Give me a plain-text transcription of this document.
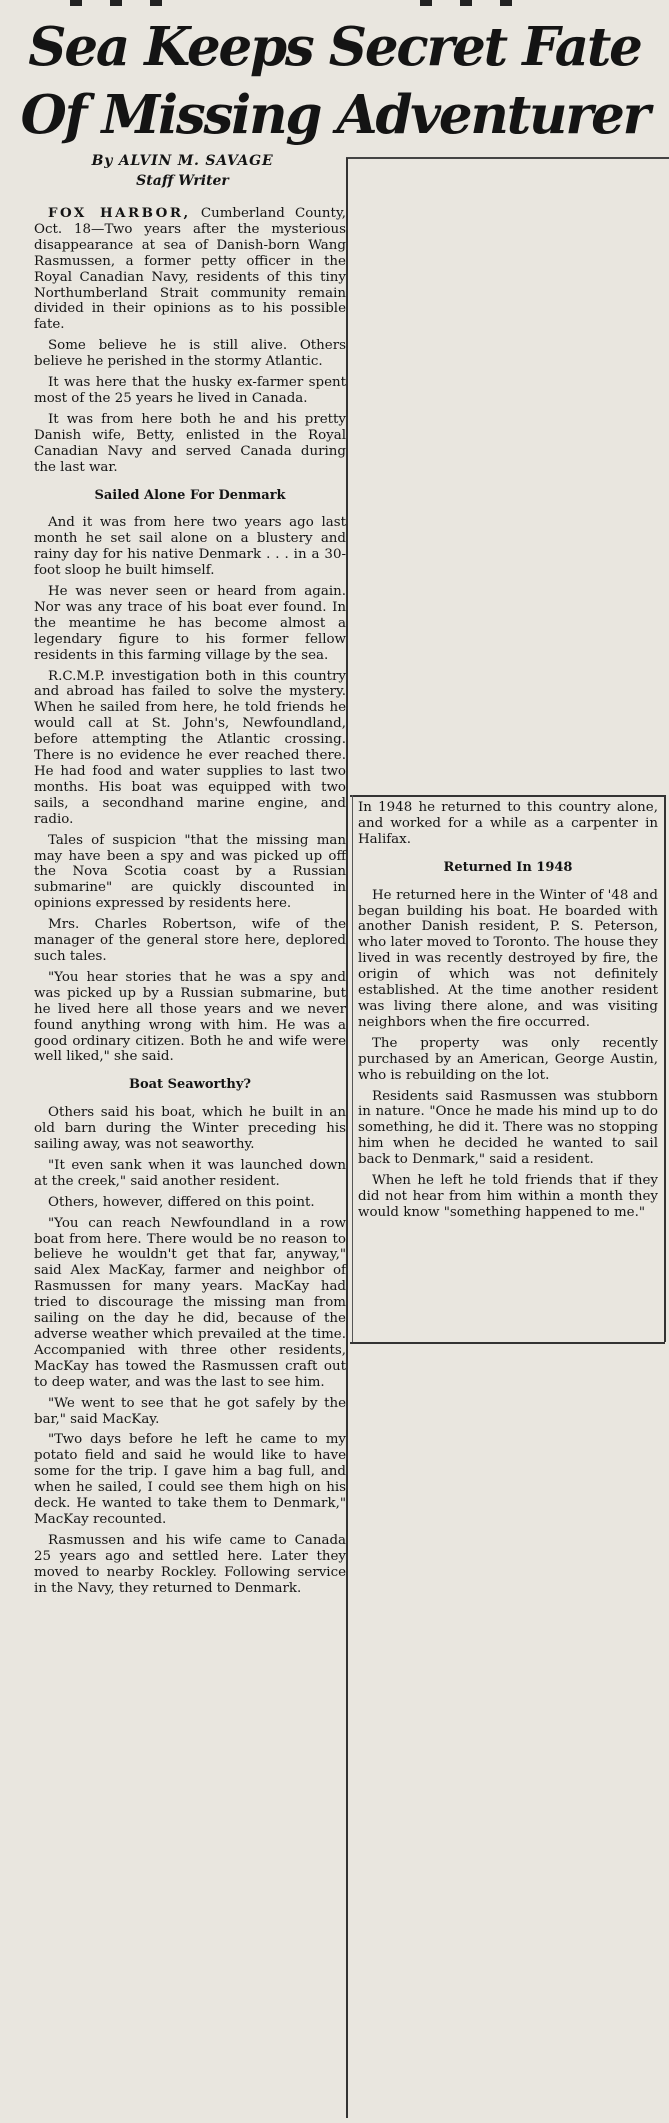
Sea Keeps Secret Fate
Of Missing Adventurer
By ALVIN M. SAVAGE
Staff Writer

FOX HARBOR, Cumberland County, Oct. 18—Two years after the mysterious disappearance at sea of Danish-born Wang Rasmussen, a former petty officer in the Royal Canadian Navy, residents of this tiny Northumberland Strait community remain divided in their opinions as to his possible fate.

Some believe he is still alive. Others believe he perished in the stormy Atlantic.

It was here that the husky ex-farmer spent most of the 25 years he lived in Canada.

It was from here both he and his pretty Danish wife, Betty, enlisted in the Royal Canadian Navy and served Canada during the last war.

Sailed Alone For Denmark

And it was from here two years ago last month he set sail alone on a blustery and rainy day for his native Denmark . . . in a 30-foot sloop he built himself.

He was never seen or heard from again. Nor was any trace of his boat ever found. In the meantime he has become almost a legendary figure to his former fellow residents in this farming village by the sea.

R.C.M.P. investigation both in this country and abroad has failed to solve the mystery. When he sailed from here, he told friends he would call at St. John's, Newfoundland, before attempting the Atlantic crossing. There is no evidence he ever reached there. He had food and water supplies to last two months. His boat was equipped with two sails, a secondhand marine engine, and radio.

Tales of suspicion "that the missing man may have been a spy and was picked up off the Nova Scotia coast by a Russian submarine" are quickly discounted in opinions expressed by residents here.

Mrs. Charles Robertson, wife of the manager of the general store here, deplored such tales.

"You hear stories that he was a spy and was picked up by a Russian submarine, but he lived here all those years and we never found anything wrong with him. He was a good ordinary citizen. Both he and wife were well liked," she said.

Boat Seaworthy?

Others said his boat, which he built in an old barn during the Winter preceding his sailing away, was not seaworthy.

"It even sank when it was launched down at the creek," said another resident.

Others, however, differed on this point.

"You can reach Newfoundland in a row boat from here. There would be no reason to believe he wouldn't get that far, anyway," said Alex MacKay, farmer and neighbor of Rasmussen for many years. MacKay had tried to discourage the missing man from sailing on the day he did, because of the adverse weather which prevailed at the time. Accompanied with three other residents, MacKay has towed the Rasmussen craft out to deep water, and was the last to see him.

"We went to see that he got safely by the bar," said MacKay.

"Two days before he left he came to my potato field and said he would like to have some for the trip. I gave him a bag full, and when he sailed, I could see them high on his deck. He wanted to take them to Denmark," MacKay recounted.

Rasmussen and his wife came to Canada 25 years ago and settled here. Later they moved to nearby Rockley. Following service in the Navy, they returned to Denmark.

In 1948 he returned to this country alone, and worked for a while as a carpenter in Halifax.

Returned In 1948

He returned here in the Winter of '48 and began building his boat. He boarded with another Danish resident, P. S. Peterson, who later moved to Toronto. The house they lived in was recently destroyed by fire, the origin of which was not definitely established. At the time another resident was living there alone, and was visiting neighbors when the fire occurred.

The property was only recently purchased by an American, George Austin, who is rebuilding on the lot.

Residents said Rasmussen was stubborn in nature. "Once he made his mind up to do something, he did it. There was no stopping him when he decided he wanted to sail back to Denmark," said a resident.

When he left he told friends that if they did not hear from him within a month they would know "something happened to me."
